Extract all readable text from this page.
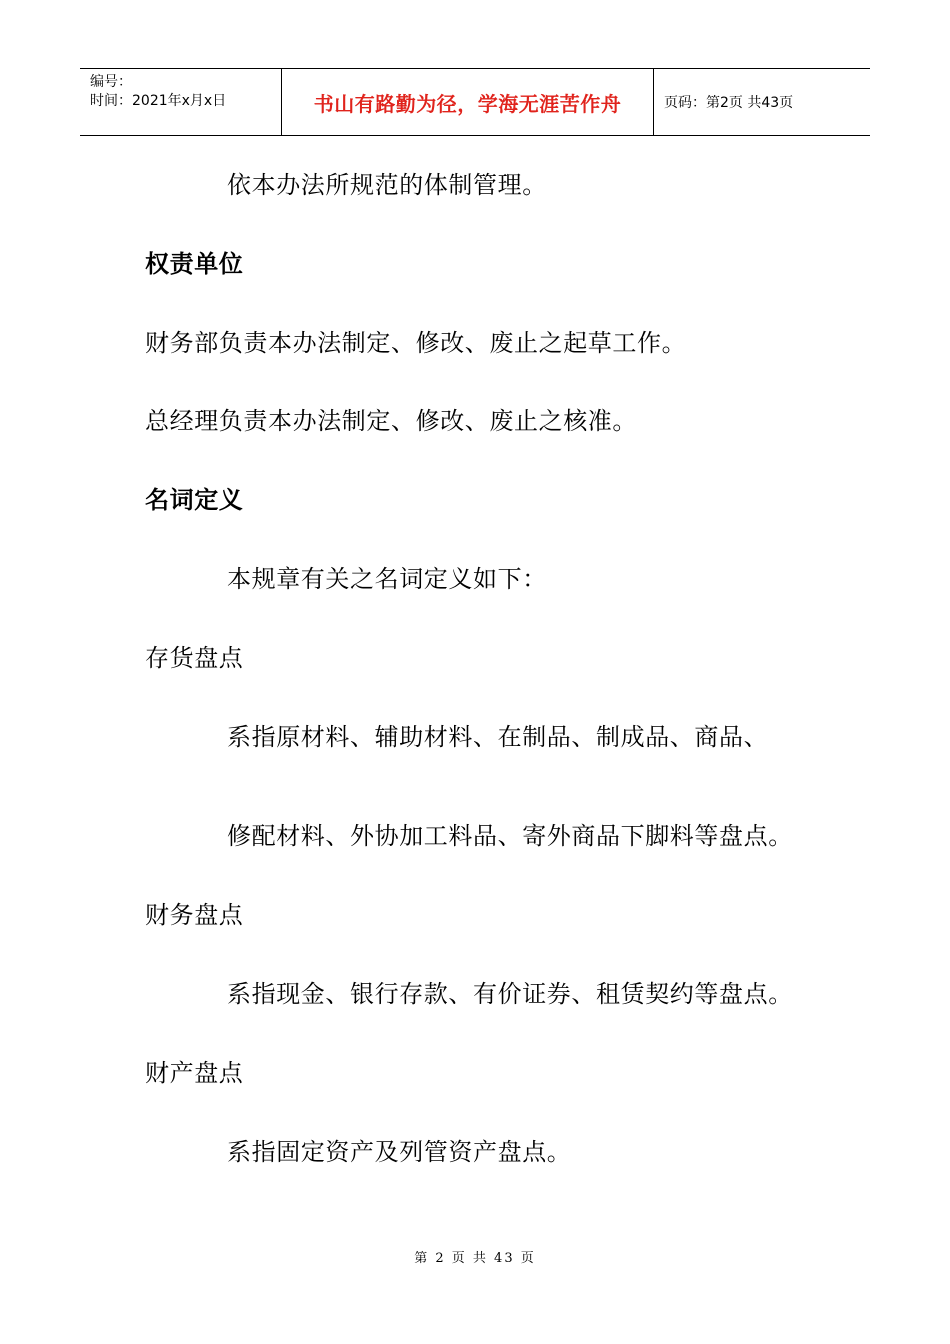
编号：
时间：2021年x月x日	书山有路勤为径，学海无涯苦作舟	页码：第2页 共43页
依本办法所规范的体制管理。
权责单位
财务部负责本办法制定、修改、废止之起草工作。
总经理负责本办法制定、修改、废止之核准。
名词定义
本规章有关之名词定义如下：
存货盘点
系指原材料、辅助材料、在制品、制成品、商品、
修配材料、外协加工料品、寄外商品下脚料等盘点。
财务盘点
系指现金、银行存款、有价证券、租赁契约等盘点。
财产盘点
系指固定资产及列管资产盘点。
第 2 页 共 43 页
